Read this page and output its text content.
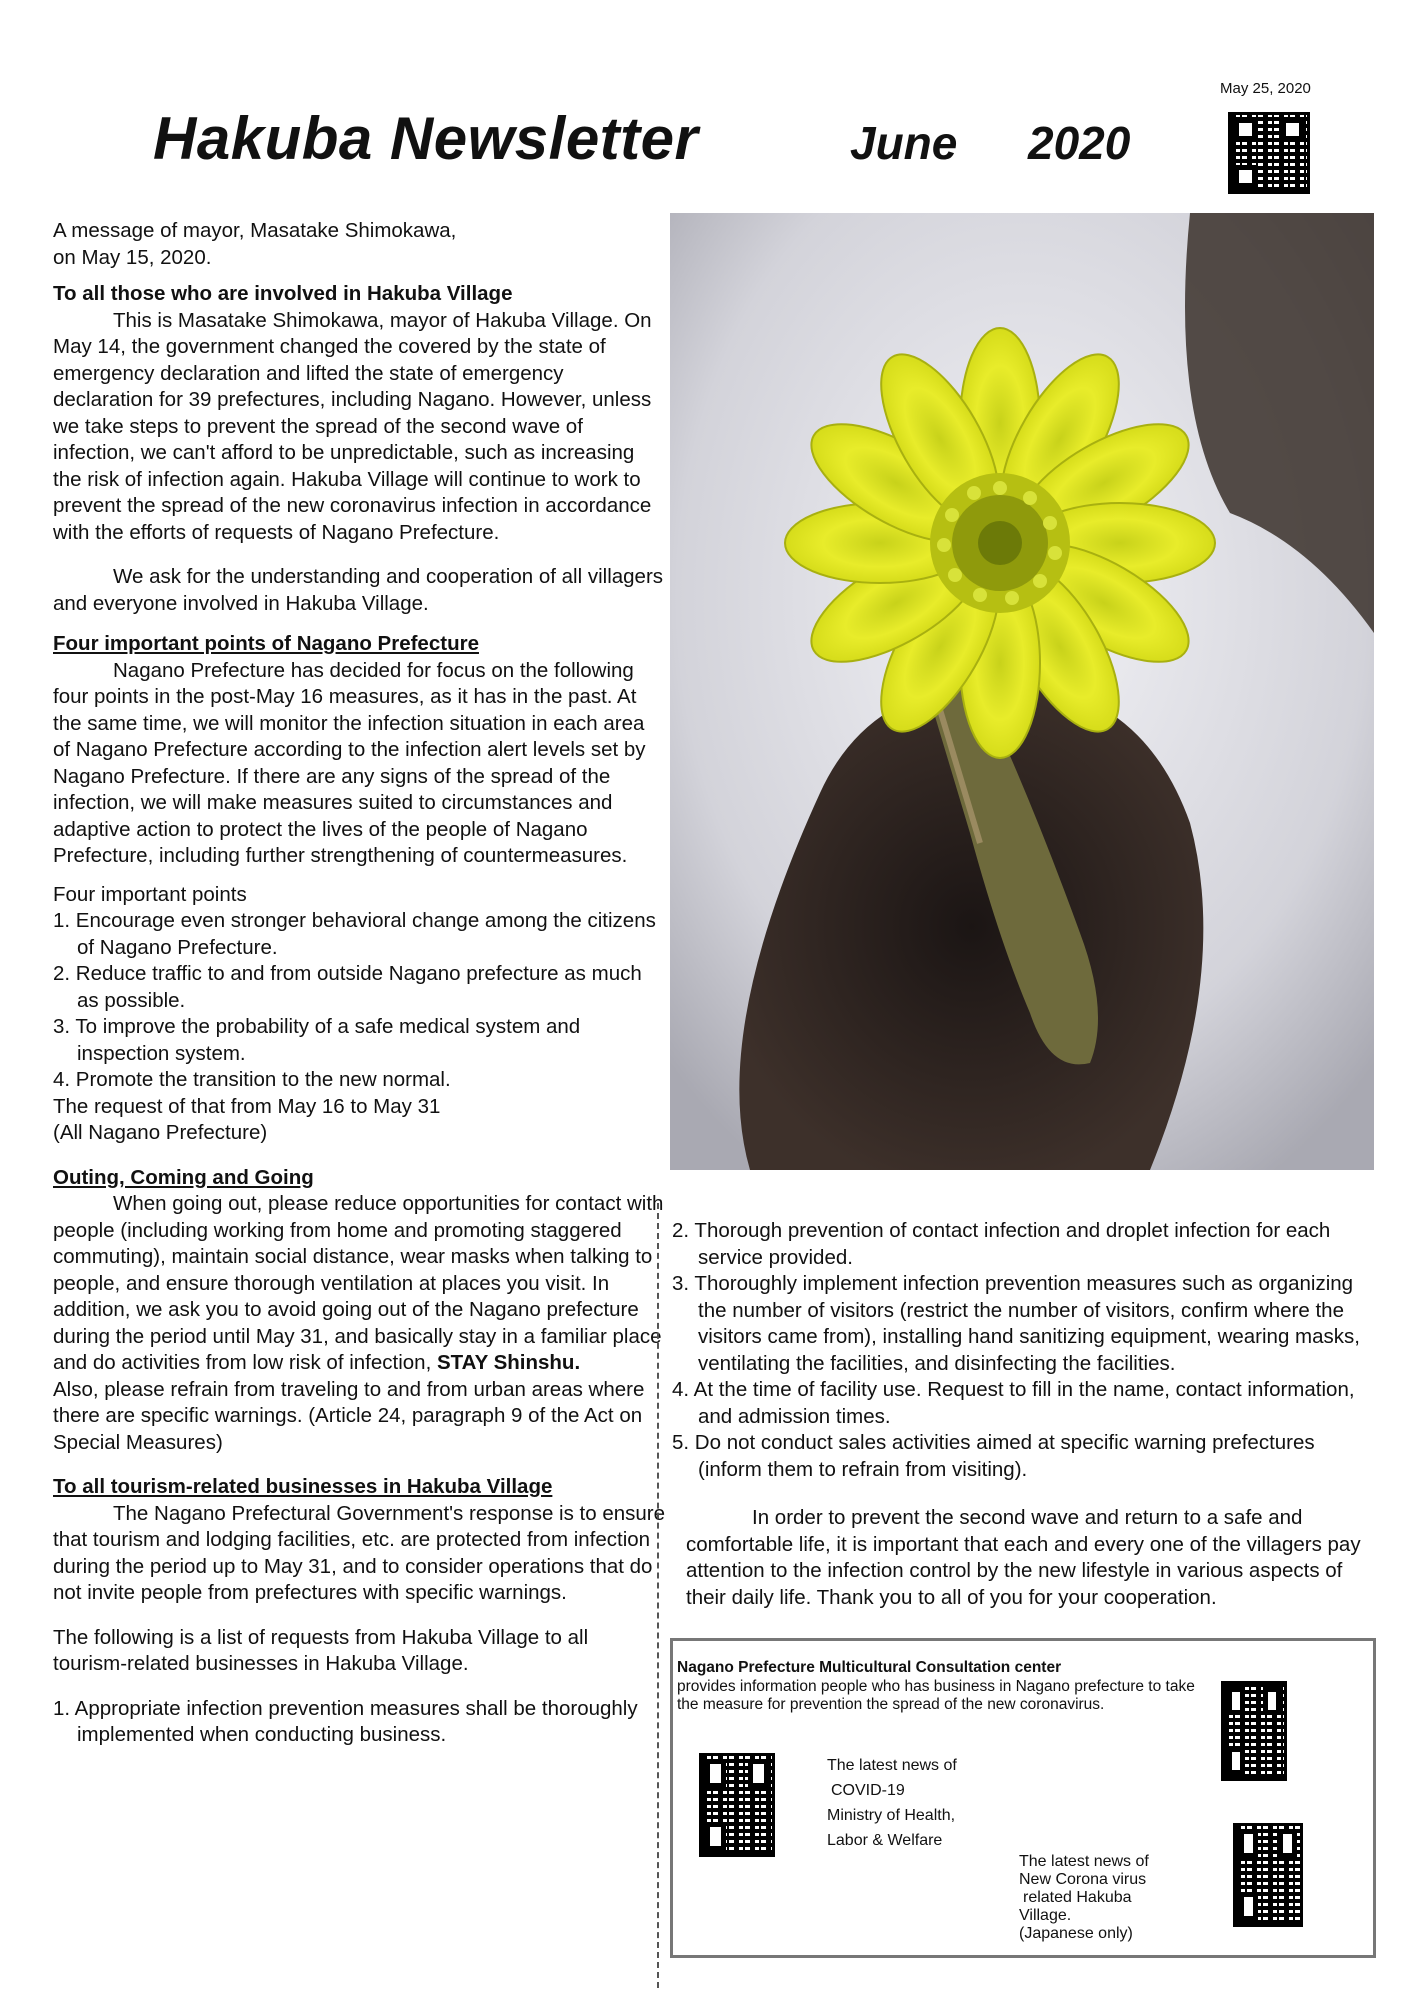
Hakuba Newsletter	June 2020
May 25, 2020

A message of mayor, Masatake Shimokawa,

on May 15, 2020.

To all those who are involved in Hakuba Village

This is Masatake Shimokawa, mayor of Hakuba Village. On May 14, the government changed the covered by the state of emergency declaration and lifted the state of emergency declaration for 39 prefectures, including Nagano. However, unless we take steps to prevent the spread of the second wave of infection, we can't afford to be unpredictable, such as increasing the risk of infection again. Hakuba Village will continue to work to prevent the spread of the new coronavirus infection in accordance with the efforts of requests of Nagano Prefecture.

We ask for the understanding and cooperation of all villagers and everyone involved in Hakuba Village.

Four important points of Nagano Prefecture

Nagano Prefecture has decided for focus on the following four points in the post-May 16 measures, as it has in the past. At the same time, we will monitor the infection situation in each area of Nagano Prefecture according to the infection alert levels set by Nagano Prefecture. If there are any signs of the spread of the infection, we will make measures suited to circumstances and adaptive action to protect the lives of the people of Nagano Prefecture, including further strengthening of countermeasures.

Four important points

1. Encourage even stronger behavioral change among the citizens of Nagano Prefecture.

2. Reduce traffic to and from outside Nagano prefecture as much as possible.

3. To improve the probability of a safe medical system and inspection system.

4. Promote the transition to the new normal.

The request of that from May 16 to May 31

(All Nagano Prefecture)

Outing, Coming and Going

When going out, please reduce opportunities for contact with people (including working from home and promoting staggered commuting), maintain social distance, wear masks when talking to people, and ensure thorough ventilation at places you visit. In addition, we ask you to avoid going out of the Nagano prefecture during the period until May 31, and basically stay in a familiar place and do activities from low risk of infection, STAY Shinshu.

Also, please refrain from traveling to and from urban areas where there are specific warnings. (Article 24, paragraph 9 of the Act on Special Measures)

To all tourism-related businesses in Hakuba Village

The Nagano Prefectural Government's response is to ensure that tourism and lodging facilities, etc. are protected from infection during the period up to May 31, and to consider operations that do not invite people from prefectures with specific warnings.

The following is a list of requests from Hakuba Village to all tourism-related businesses in Hakuba Village.

1. Appropriate infection prevention measures shall be thoroughly implemented when conducting business.

2. Thorough prevention of contact infection and droplet infection for each service provided.

3. Thoroughly implement infection prevention measures such as organizing the number of visitors (restrict the number of visitors, confirm where the visitors came from), installing hand sanitizing equipment, wearing masks, ventilating the facilities, and disinfecting the facilities.

4. At the time of facility use. Request to fill in the name, contact information, and admission times.

5. Do not conduct sales activities aimed at specific warning prefectures (inform them to refrain from visiting).

In order to prevent the second wave and return to a safe and comfortable life, it is important that each and every one of the villagers pay attention to the infection control by the new lifestyle in various aspects of their daily life. Thank you to all of you for your cooperation.

Nagano Prefecture Multicultural Consultation center
provides information people who has business in Nagano prefecture to take the measure for prevention the spread of the new coronavirus.
The latest news of
COVID-19
Ministry of Health,
Labor & Welfare
The latest news of
New Corona virus
related Hakuba
Village.
(Japanese only)
